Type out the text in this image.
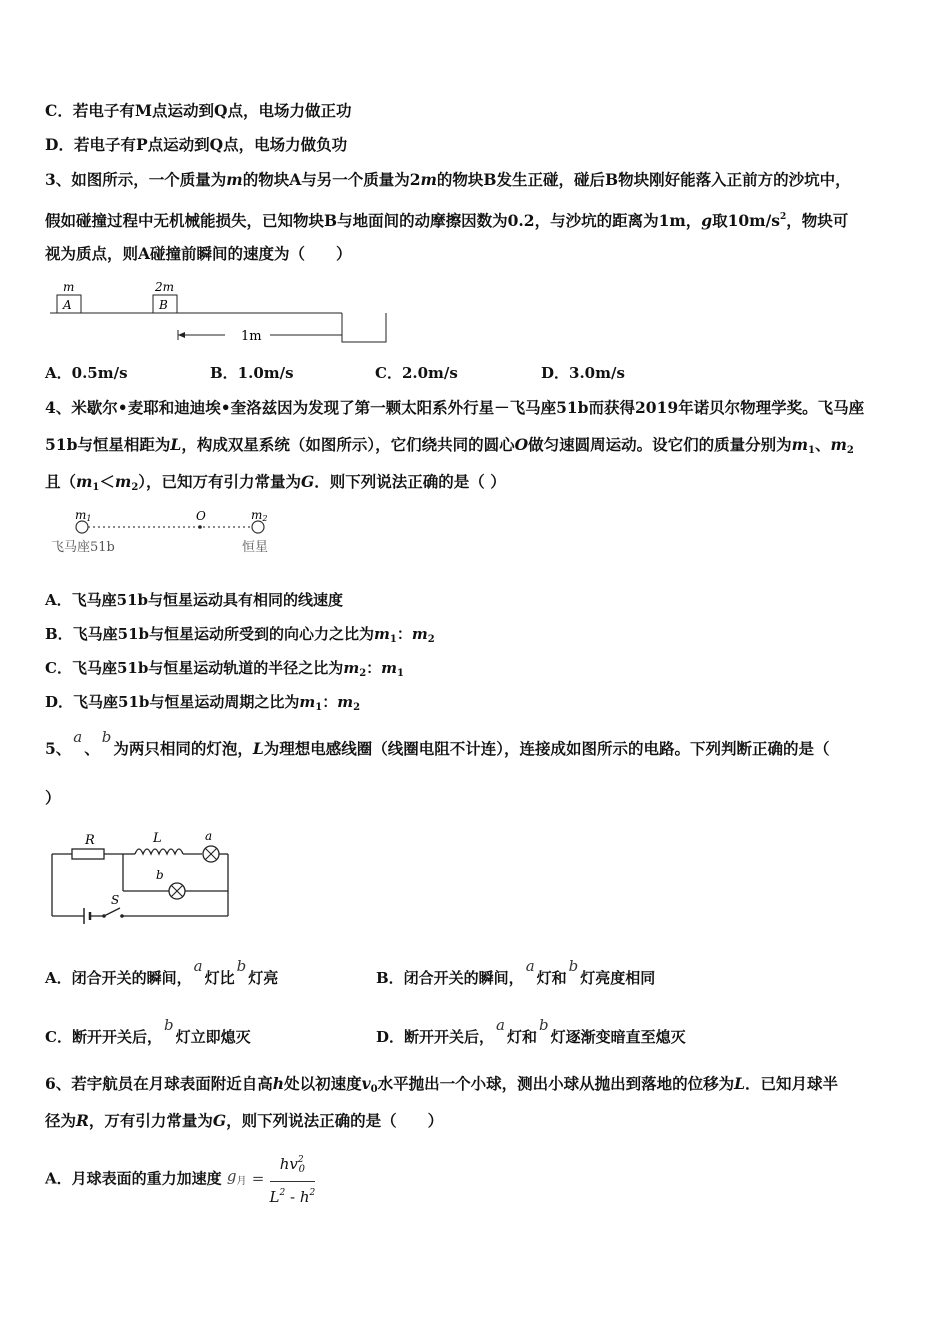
C．若电子有M点运动到Q点，电场力做正功
D．若电子有P点运动到Q点，电场力做负功
3、如图所示，一个质量为m的物块A与另一个质量为2m的物块B发生正碰，碰后B物块刚好能落入正前方的沙坑中，
假如碰撞过程中无机械能损失，已知物块B与地面间的动摩擦因数为0.2，与沙坑的距离为1m，g取$10m/s^2$，物块可
视为质点，则A碰撞前瞬间的速度为（　　）
m
A
2m
B
1m
A．0.5m/s	B．1.0m/s	C．2.0m/s	D．3.0m/s
4、米歇尔•麦耶和迪迪埃•奎洛兹因为发现了第一颗太阳系外行星－飞马座51b而获得2019年诺贝尔物理学奖。飞马座
51b与恒星相距为L，构成双星系统（如图所示），它们绕共同的圆心O做匀速圆周运动。设它们的质量分别为$m_1$、$m_2$
且$(m_1<m_2)$，已知万有引力常量为G．则下列说法正确的是（ ）
m1	O	m2
飞马座51b	恒星
A．飞马座51b与恒星运动具有相同的线速度
B．飞马座51b与恒星运动所受到的向心力之比为$m_1$：$m_2$
C．飞马座51b与恒星运动轨道的半径之比为$m_2$：$m_1$
D．飞马座51b与恒星运动周期之比为$m_1$：$m_2$
5、a、b为两只相同的灯泡，L为理想电感线圈（线圈电阻不计连），连接成如图所示的电路。下列判断正确的是（
）
R	L	a
b
S
A．闭合开关的瞬间，a灯比b灯亮	B．闭合开关的瞬间，a灯和b灯亮度相同
C．断开开关后，b灯立即熄灭	D．断开开关后，a灯和b灯逐渐变暗直至熄灭
6、若宇航员在月球表面附近自高h处以初速度$v_0$水平抛出一个小球，测出小球从抛出到落地的位移为L．已知月球半
径为R，万有引力常量为G，则下列说法正确的是（　　）
A．月球表面的重力加速度 $g_月 = \frac{hv^2_0}{L^2 - h^2}$
